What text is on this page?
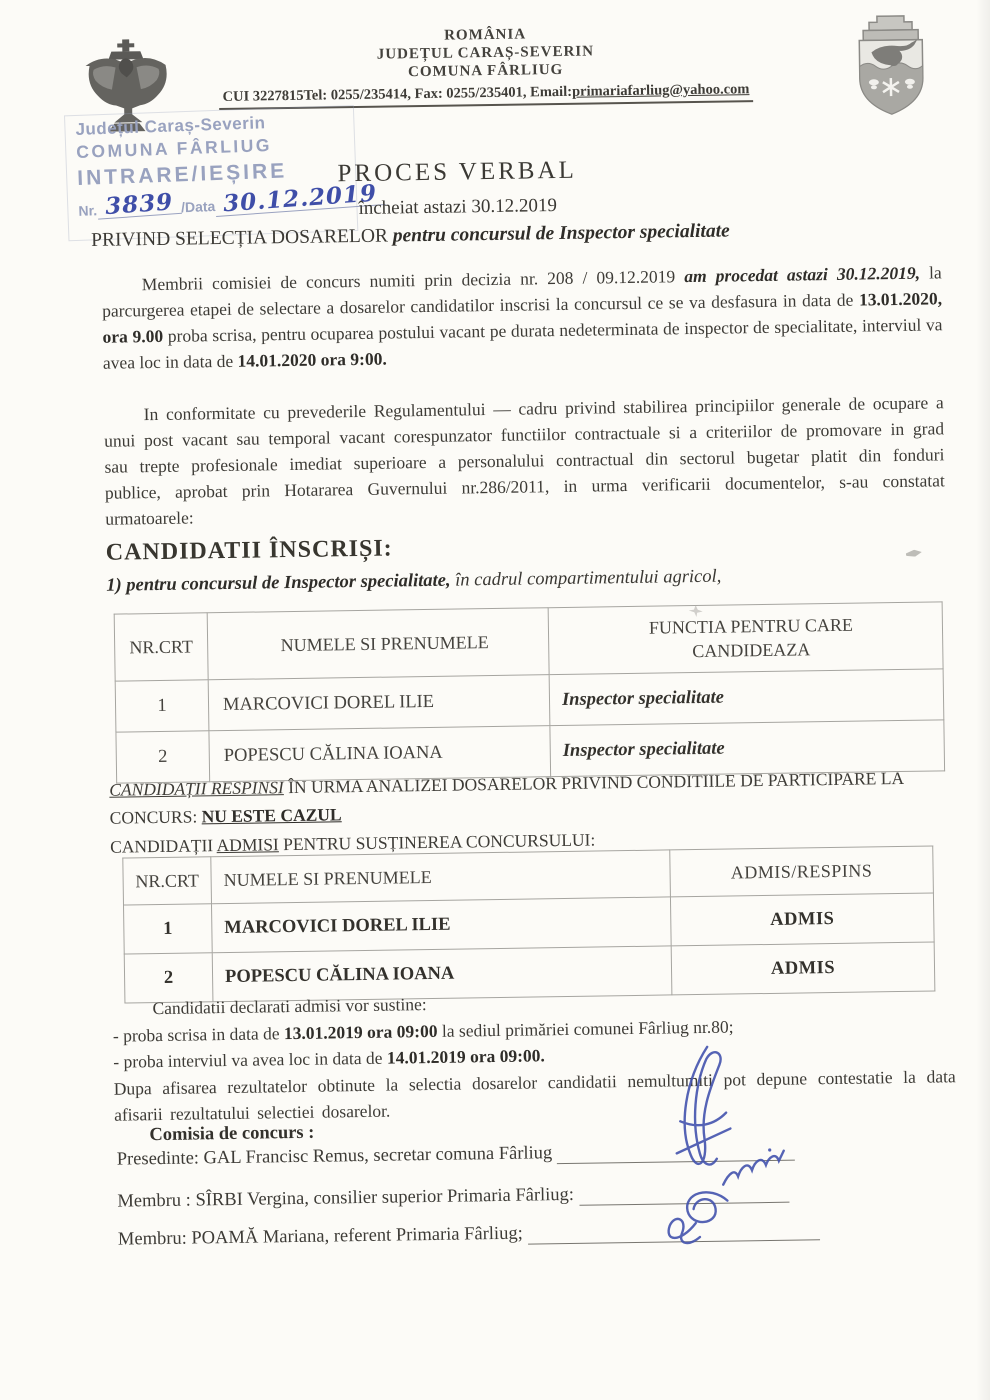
ROMÂNIA
JUDEȚUL CARAȘ-SEVERIN
COMUNA FÂRLIUG
CUI 3227815Tel: 0255/235414, Fax: 0255/235401, Email:primariafarliug@yahoo.com
Județul Caraș-Severin
COMUNA FÂRLIUG
INTRARE/IEȘIRE
Nr. 3839 /Data 30.12.2019
PROCES VERBAL
încheiat astazi 30.12.2019
PRIVIND SELECȚIA DOSARELOR pentru concursul de Inspector specialitate
Membrii comisiei de concurs numiti prin decizia nr. 208 / 09.12.2019 am procedat astazi 30.12.2019, la parcurgerea etapei de selectare a dosarelor candidatilor inscrisi la concursul ce se va desfasura in data de 13.01.2020, ora 9.00 proba scrisa, pentru ocuparea postului vacant pe durata nedeterminata de inspector de specialitate, interviul va avea loc in data de 14.01.2020 ora 9:00.
In conformitate cu prevederile Regulamentului — cadru privind stabilirea principiilor generale de ocupare a unui post vacant sau temporal vacant corespunzator functiilor contractuale si a criteriilor de promovare in grad sau trepte profesionale imediat superioare a personalului contractual din sectorul bugetar platit din fonduri publice, aprobat prin Hotararea Guvernului nr.286/2011, in urma verificarii documentelor, s-au constatat urmatoarele:
CANDIDATII ÎNSCRIȘI:
1) pentru concursul de Inspector specialitate, în cadrul compartimentului agricol,
NR.CRT	NUMELE SI PRENUMELE	FUNCTIA PENTRU CARE CANDIDEAZA
1	MARCOVICI DOREL ILIE	Inspector specialitate
2	POPESCU CĂLINA IOANA	Inspector specialitate
CANDIDAȚII RESPINSI ÎN URMA ANALIZEI DOSARELOR PRIVIND CONDITIILE DE PARTICIPARE LA CONCURS: NU ESTE CAZUL
CANDIDAȚII ADMISI PENTRU SUSȚINEREA CONCURSULUI:
NR.CRT	NUMELE SI PRENUMELE	ADMIS/RESPINS
1	MARCOVICI DOREL ILIE	ADMIS
2	POPESCU CĂLINA IOANA	ADMIS
Candidatii declarati admisi vor sustine:
- proba scrisa in data de 13.01.2019 ora 09:00 la sediul primăriei comunei Fârliug nr.80;
- proba interviul va avea loc in data de 14.01.2019 ora 09:00.
Dupa afisarea rezultatelor obtinute la selectia dosarelor candidatii nemultumiti pot depune contestatie la data afisarii rezultatului selectiei dosarelor.
Comisia de concurs :
Presedinte: GAL Francisc Remus, secretar comuna Fârliug
Membru : SÎRBI Vergina, consilier superior Primaria Fârliug:
Membru: POAMĂ Mariana, referent Primaria Fârliug;
